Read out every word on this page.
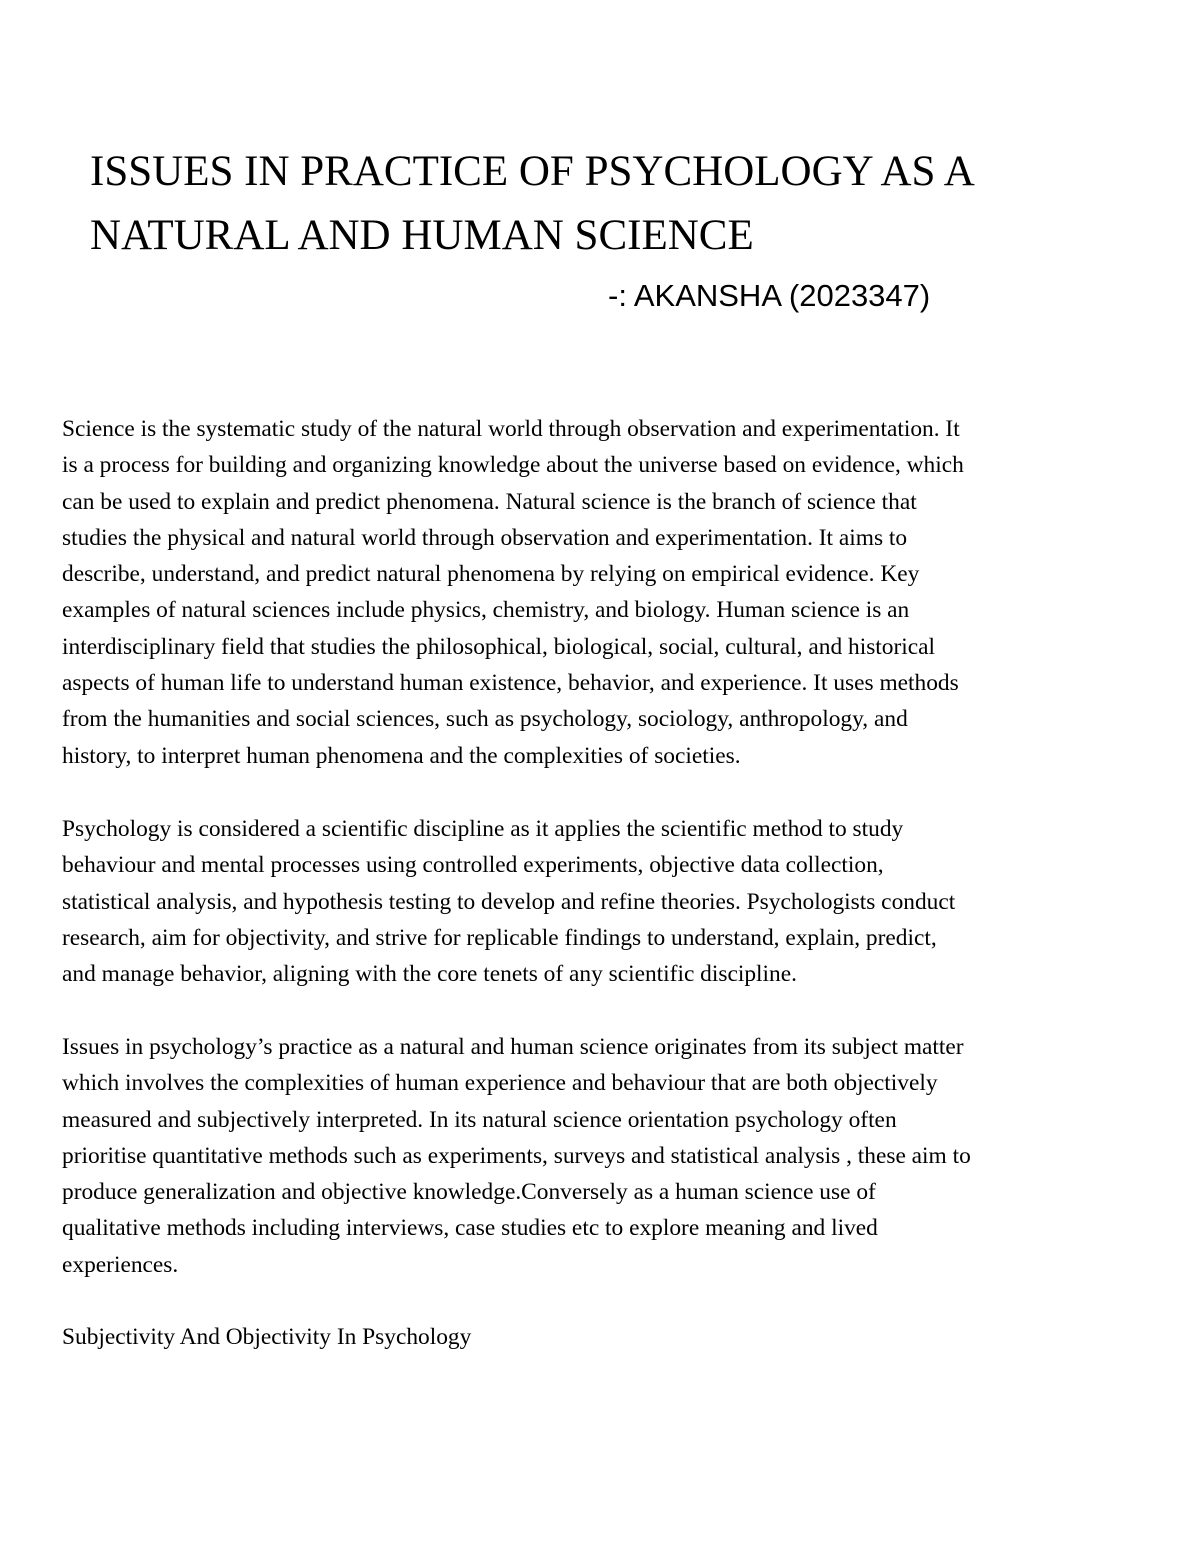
ISSUES IN PRACTICE OF PSYCHOLOGY AS A
NATURAL AND HUMAN SCIENCE

-: AKANSHA (2023347)

Science is the systematic study of the natural world through observation and experimentation. It
is a process for building and organizing knowledge about the universe based on evidence, which
can be used to explain and predict phenomena. Natural science is the branch of science that
studies the physical and natural world through observation and experimentation. It aims to
describe, understand, and predict natural phenomena by relying on empirical evidence. Key
examples of natural sciences include physics, chemistry, and biology. Human science is an
interdisciplinary field that studies the philosophical, biological, social, cultural, and historical
aspects of human life to understand human existence, behavior, and experience. It uses methods
from the humanities and social sciences, such as psychology, sociology, anthropology, and
history, to interpret human phenomena and the complexities of societies.
Psychology is considered a scientific discipline as it applies the scientific method to study
behaviour and mental processes using controlled experiments, objective data collection,
statistical analysis, and hypothesis testing to develop and refine theories. Psychologists conduct
research, aim for objectivity, and strive for replicable findings to understand, explain, predict,
and manage behavior, aligning with the core tenets of any scientific discipline.
Issues in psychology’s practice as a natural and human science originates from its subject matter
which involves the complexities of human experience and behaviour that are both objectively
measured and subjectively interpreted. In its natural science orientation psychology often
prioritise quantitative methods such as experiments, surveys and statistical analysis , these aim to
produce generalization and objective knowledge.Conversely as a human science use of
qualitative methods including interviews, case studies etc to explore meaning and lived
experiences.
Subjectivity And Objectivity In Psychology
